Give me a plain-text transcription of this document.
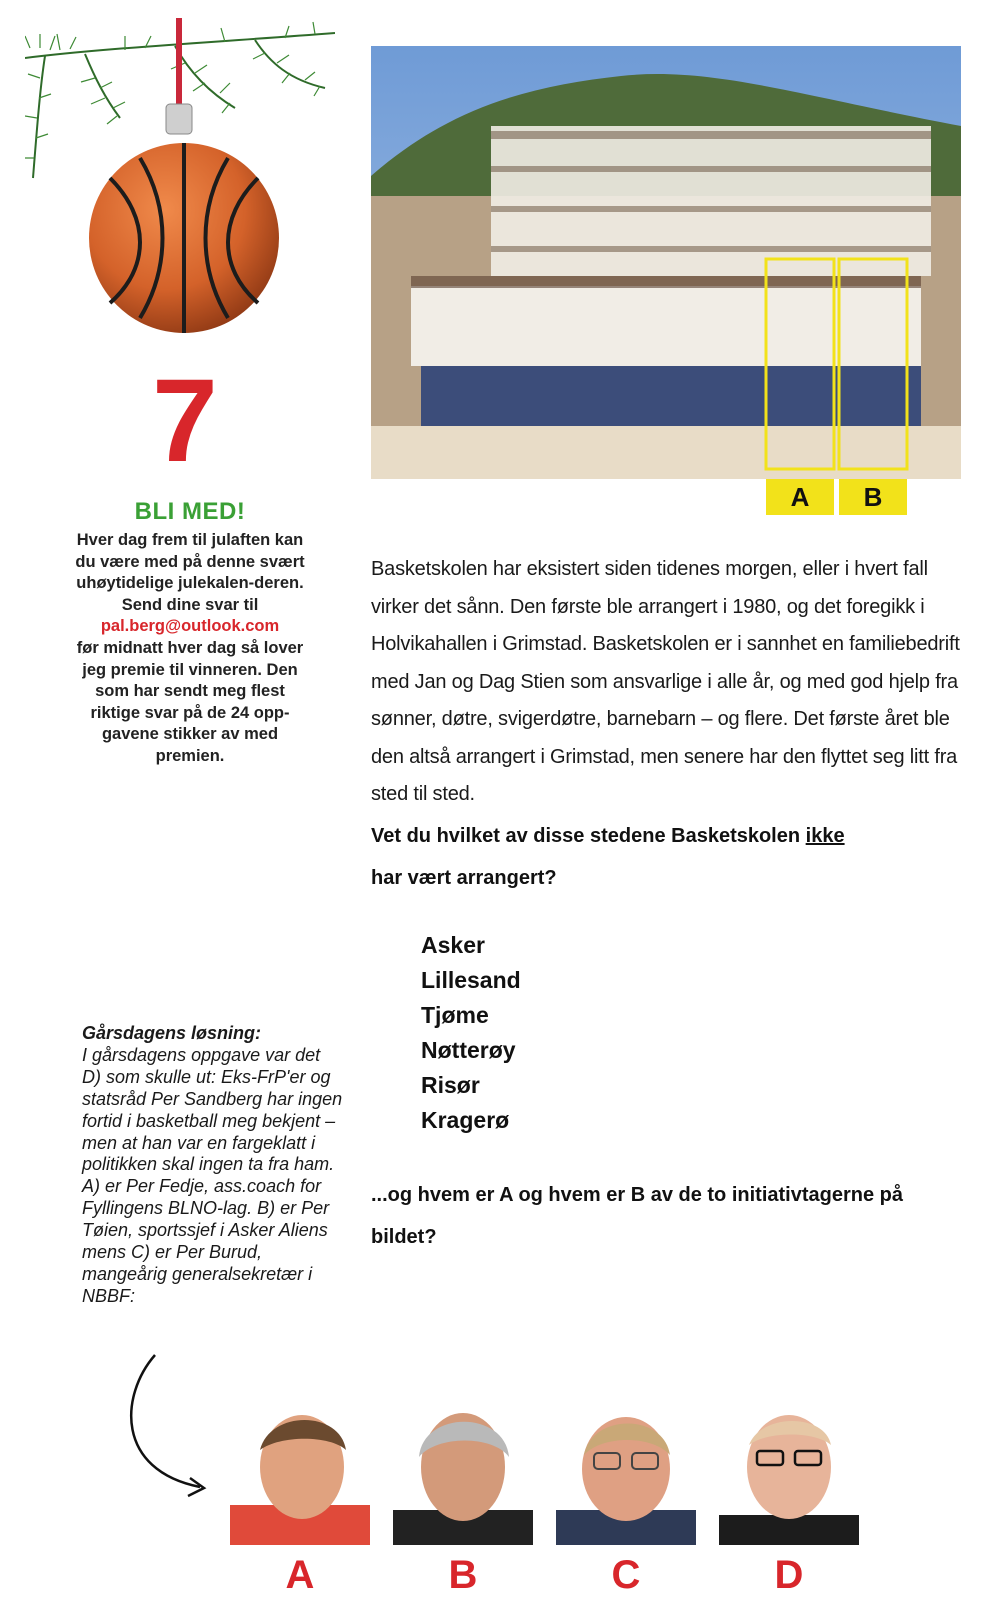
7
BLI MED!
Hver dag frem til julaften kan du være med på denne svært uhøytidelige julekalen-deren. Send dine svar til
pal.berg@outlook.com
før midnatt hver dag så lover jeg premie til vinneren. Den som har sendt meg flest riktige svar på de 24 opp-gavene stikker av med premien.
A	B
Basketskolen har eksistert siden tidenes morgen, eller i hvert fall virker det sånn. Den første ble arrangert i 1980, og det foregikk i Holvikahallen i Grimstad. Basketskolen er i sannhet en familiebedrift med Jan og Dag Stien som ansvarlige i alle år, og med god hjelp fra sønner, døtre, svigerdøtre, barnebarn – og flere. Det første året ble den altså arrangert i Grimstad, men senere har den flyttet seg litt fra sted til sted.
Vet du hvilket av disse stedene Basketskolen ikke
har vært arrangert?
Asker
Lillesand
Tjøme
Nøtterøy
Risør
Kragerø
...og hvem er A og hvem er B av de to initiativtagerne på bildet?
Gårsdagens løsning:
I gårsdagens oppgave var det D) som skulle ut: Eks-FrP'er og statsråd Per Sandberg har ingen fortid i basketball meg bekjent – men at han var en fargeklatt i politikken skal ingen ta fra ham. A) er Per Fedje, ass.coach for Fyllingens BLNO-lag. B) er Per Tøien, sportssjef i Asker Aliens mens C) er Per Burud, mangeårig generalsekretær i NBBF:
A	B	C	D
